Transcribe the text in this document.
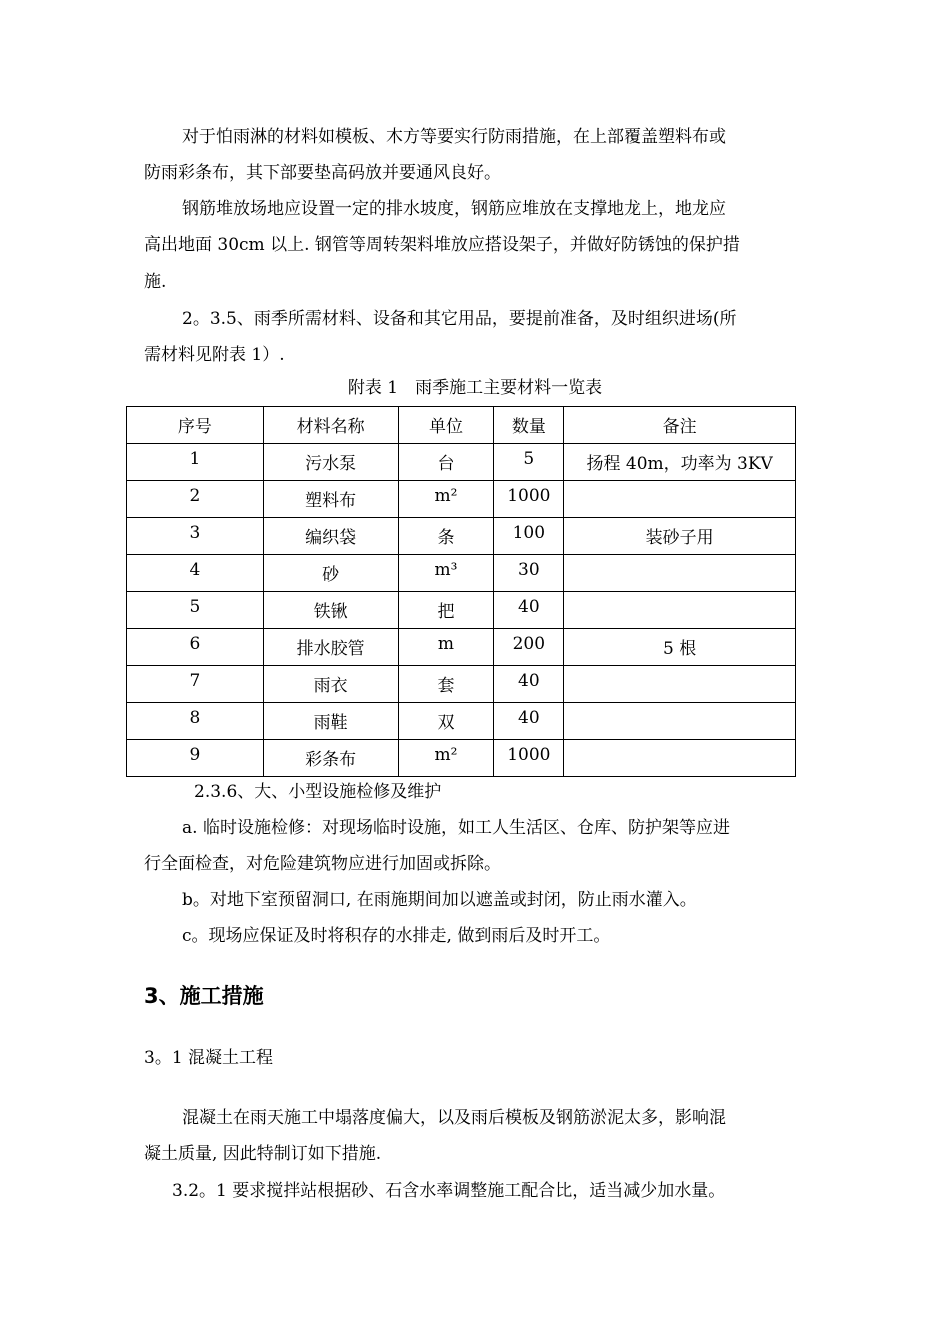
对于怕雨淋的材料如模板、木方等要实行防雨措施，在上部覆盖塑料布或
防雨彩条布，其下部要垫高码放并要通风良好。
钢筋堆放场地应设置一定的排水坡度，钢筋应堆放在支撑地龙上，地龙应
高出地面 30cm 以上. 钢管等周转架料堆放应搭设架子，并做好防锈蚀的保护措
施.
2。3.5、雨季所需材料、设备和其它用品，要提前准备，及时组织进场(所
需材料见附表 1）.
附表 1　雨季施工主要材料一览表
序号	材料名称	单位	数量	备注
1	污水泵	台	5	扬程 40m，功率为 3KV
2	塑料布	m²	1000	
3	编织袋	条	100	装砂子用
4	砂	m³	30	
5	铁锹	把	40	
6	排水胶管	m	200	5 根
7	雨衣	套	40	
8	雨鞋	双	40	
9	彩条布	m²	1000	
2.3.6、大、小型设施检修及维护
a. 临时设施检修：对现场临时设施，如工人生活区、仓库、防护架等应进
行全面检查，对危险建筑物应进行加固或拆除。
b。对地下室预留洞口, 在雨施期间加以遮盖或封闭，防止雨水灌入。
c。现场应保证及时将积存的水排走, 做到雨后及时开工。
3、施工措施
3。1 混凝土工程
混凝土在雨天施工中塌落度偏大，以及雨后模板及钢筋淤泥太多，影响混
凝土质量, 因此特制订如下措施.
3.2。1 要求搅拌站根据砂、石含水率调整施工配合比，适当减少加水量。
